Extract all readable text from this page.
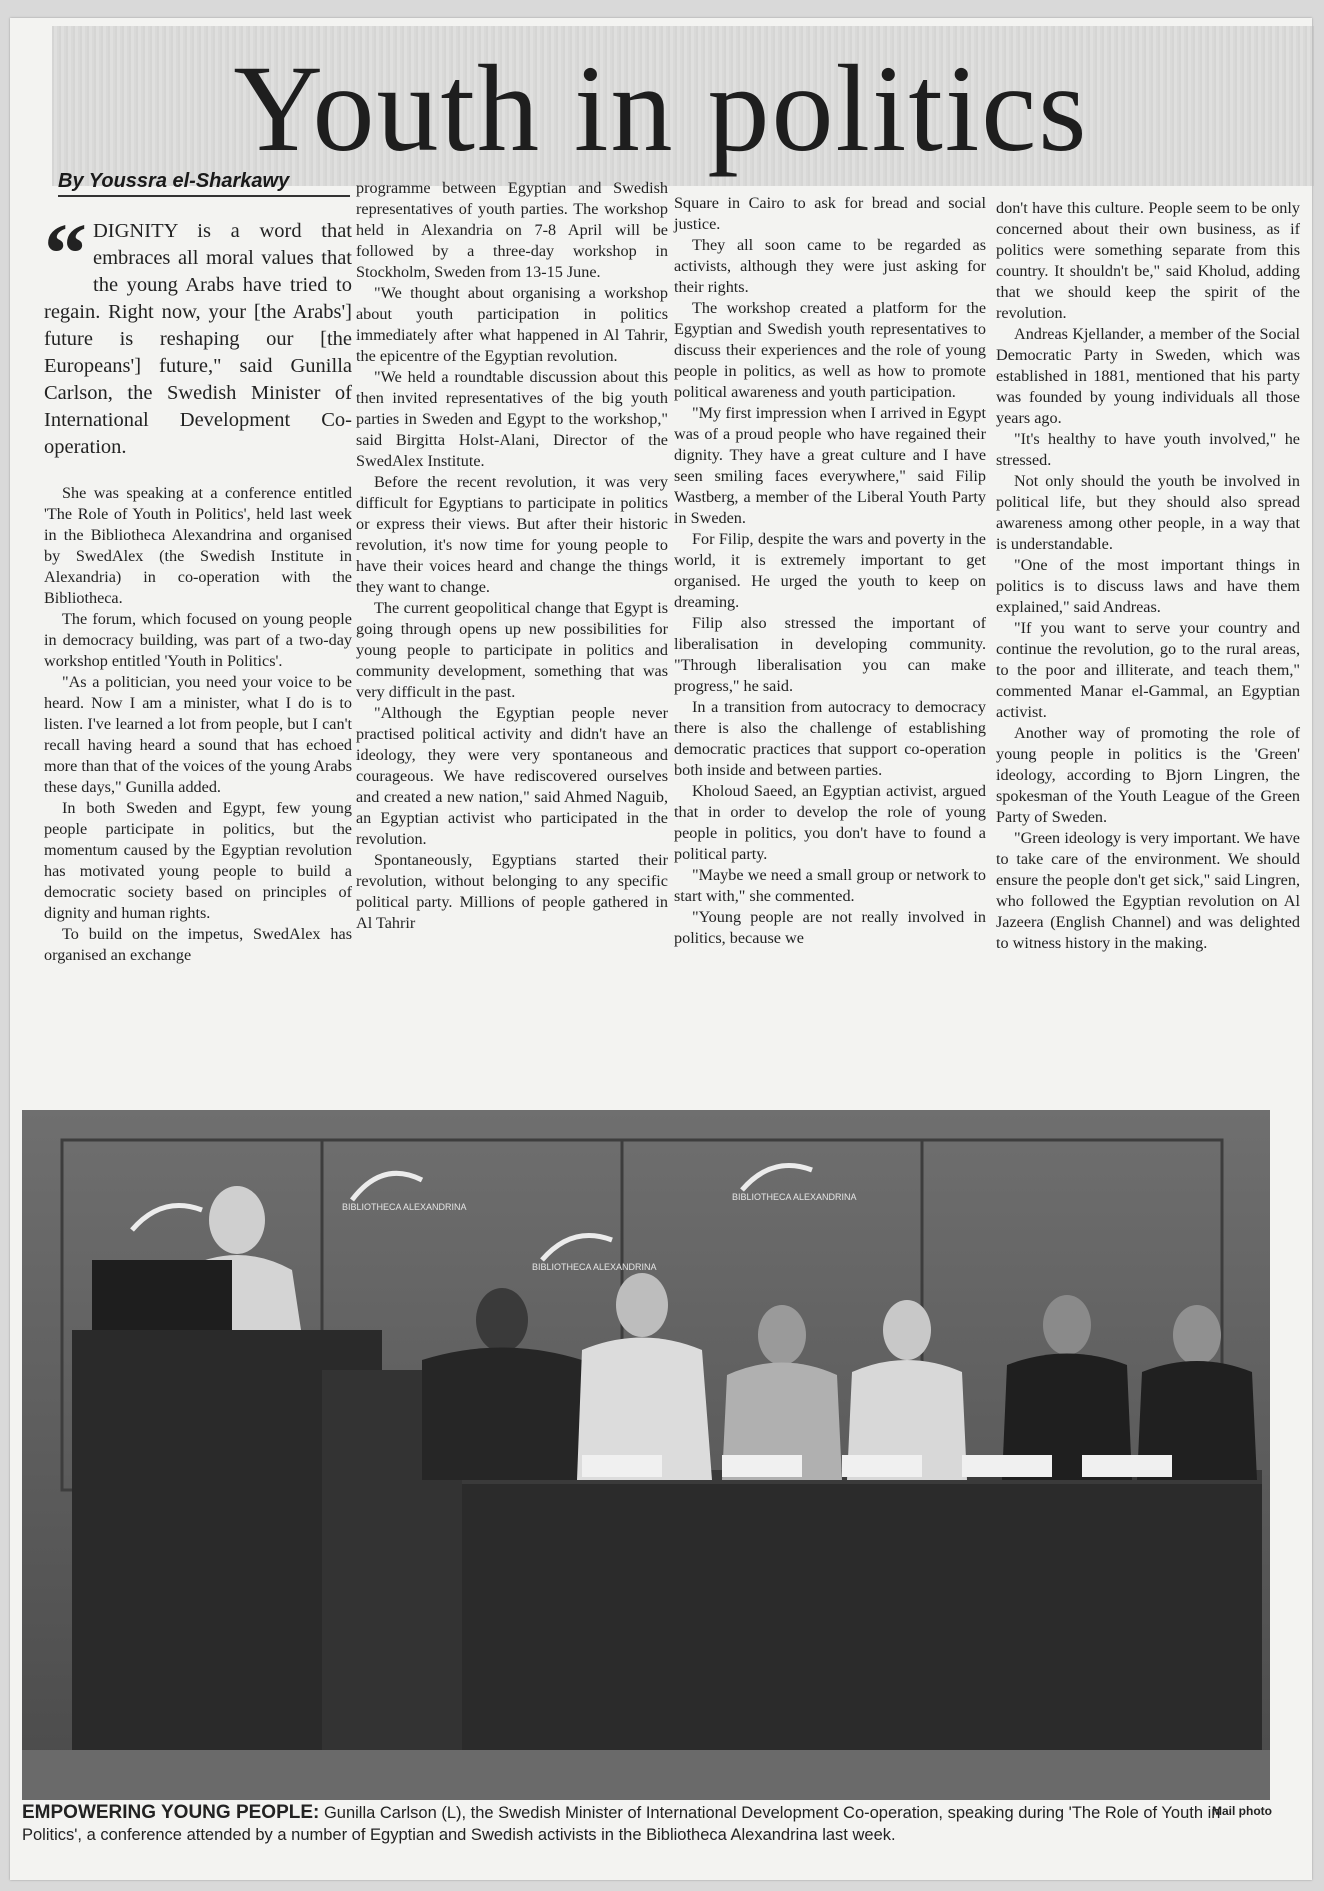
Youth in politics
By Youssra el-Sharkawy
“ DIGNITY is a word that embraces all moral values that the young Arabs have tried to regain. Right now, your [the Arabs'] future is reshaping our [the Europeans'] future," said Gunilla Carlson, the Swedish Minister of International Development Co-operation.

She was speaking at a conference entitled 'The Role of Youth in Politics', held last week in the Bibliotheca Alexandrina and organised by SwedAlex (the Swedish Institute in Alexandria) in co-operation with the Bibliotheca.

The forum, which focused on young people in democracy building, was part of a two-day workshop entitled 'Youth in Politics'.

"As a politician, you need your voice to be heard. Now I am a minister, what I do is to listen. I've learned a lot from people, but I can't recall having heard a sound that has echoed more than that of the voices of the young Arabs these days," Gunilla added.

In both Sweden and Egypt, few young people participate in politics, but the momentum caused by the Egyptian revolution has motivated young people to build a democratic society based on principles of dignity and human rights.

To build on the impetus, SwedAlex has organised an exchange

programme between Egyptian and Swedish representatives of youth parties. The workshop held in Alexandria on 7-8 April will be followed by a three-day workshop in Stockholm, Sweden from 13-15 June.

"We thought about organising a workshop about youth participation in politics immediately after what happened in Al Tahrir, the epicentre of the Egyptian revolution.

"We held a roundtable discussion about this then invited representatives of the big youth parties in Sweden and Egypt to the workshop," said Birgitta Holst-Alani, Director of the SwedAlex Institute.

Before the recent revolution, it was very difficult for Egyptians to participate in politics or express their views. But after their historic revolution, it's now time for young people to have their voices heard and change the things they want to change.

The current geopolitical change that Egypt is going through opens up new possibilities for young people to participate in politics and community development, something that was very difficult in the past.

"Although the Egyptian people never practised political activity and didn't have an ideology, they were very spontaneous and courageous. We have rediscovered ourselves and created a new nation," said Ahmed Naguib, an Egyptian activist who participated in the revolution.

Spontaneously, Egyptians started their revolution, without belonging to any specific political party. Millions of people gathered in Al Tahrir

Square in Cairo to ask for bread and social justice.

They all soon came to be regarded as activists, although they were just asking for their rights.

The workshop created a platform for the Egyptian and Swedish youth representatives to discuss their experiences and the role of young people in politics, as well as how to promote political awareness and youth participation.

"My first impression when I arrived in Egypt was of a proud people who have regained their dignity. They have a great culture and I have seen smiling faces everywhere," said Filip Wastberg, a member of the Liberal Youth Party in Sweden.

For Filip, despite the wars and poverty in the world, it is extremely important to get organised. He urged the youth to keep on dreaming.

Filip also stressed the important of liberalisation in developing community. "Through liberalisation you can make progress," he said.

In a transition from autocracy to democracy there is also the challenge of establishing democratic practices that support co-operation both inside and between parties.

Kholoud Saeed, an Egyptian activist, argued that in order to develop the role of young people in politics, you don't have to found a political party.

"Maybe we need a small group or network to start with," she commented.

"Young people are not really involved in politics, because we

don't have this culture. People seem to be only concerned about their own business, as if politics were something separate from this country. It shouldn't be," said Kholud, adding that we should keep the spirit of the revolution.

Andreas Kjellander, a member of the Social Democratic Party in Sweden, which was established in 1881, mentioned that his party was founded by young individuals all those years ago.

"It's healthy to have youth involved," he stressed.

Not only should the youth be involved in political life, but they should also spread awareness among other people, in a way that is understandable.

"One of the most important things in politics is to discuss laws and have them explained," said Andreas.

"If you want to serve your country and continue the revolution, go to the rural areas, to the poor and illiterate, and teach them," commented Manar el-Gammal, an Egyptian activist.

Another way of promoting the role of young people in politics is the 'Green' ideology, according to Bjorn Lingren, the spokesman of the Youth League of the Green Party of Sweden.

"Green ideology is very important. We have to take care of the environment. We should ensure the people don't get sick," said Lingren, who followed the Egyptian revolution on Al Jazeera (English Channel) and was delighted to witness history in the making.

BIBLIOTHECA ALEXANDRINA
BIBLIOTHECA ALEXANDRINA
BIBLIOTHECA ALEXANDRINA
EMPOWERING YOUNG PEOPLE: Gunilla Carlson (L), the Swedish Minister of International Development Co-operation, speaking during 'The Role of Youth in Politics', a conference attended by a number of Egyptian and Swedish activists in the Bibliotheca Alexandrina last week.
Mail photo
